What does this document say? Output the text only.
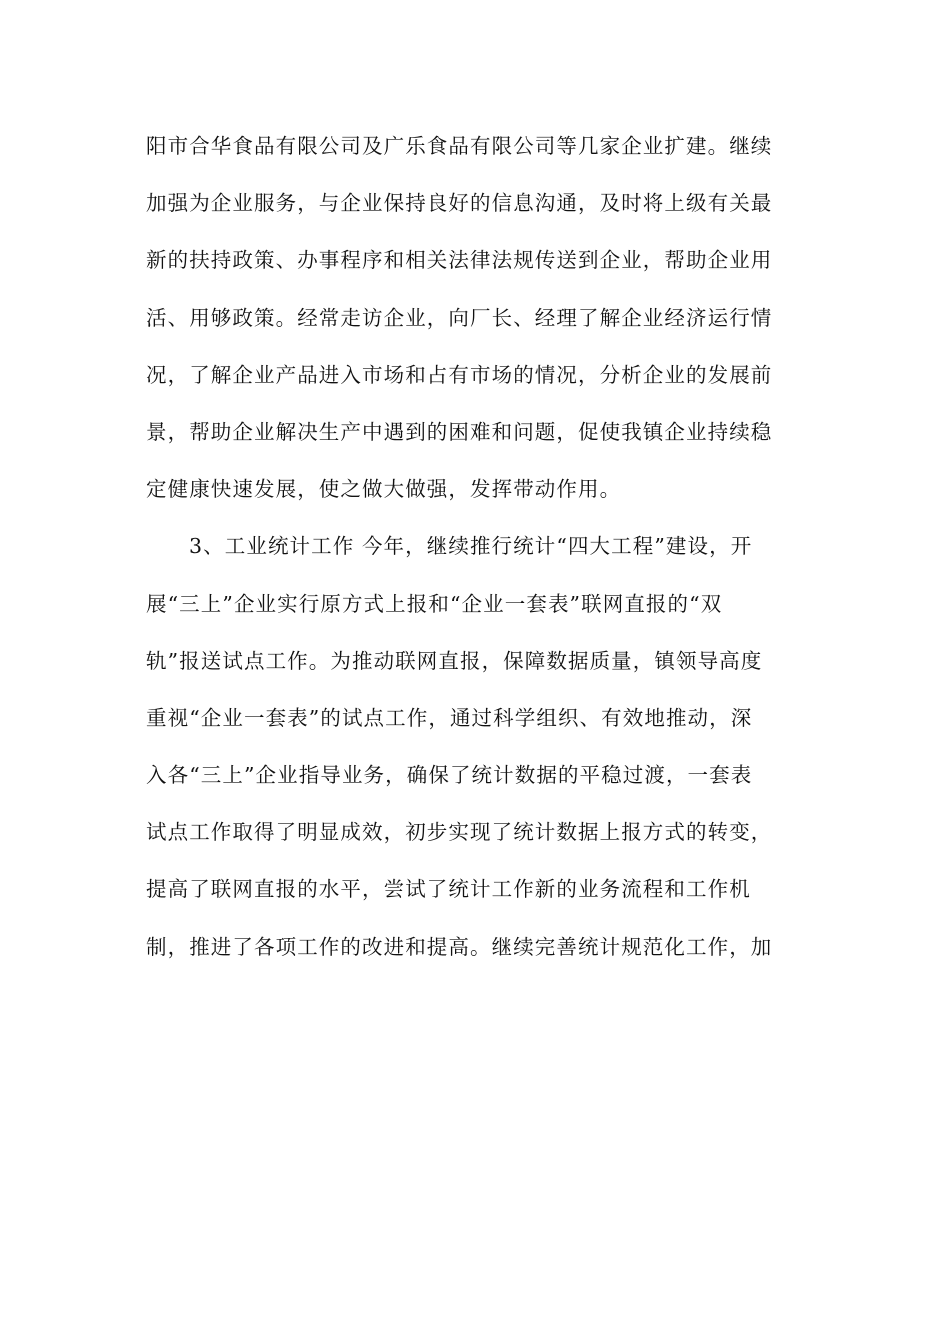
阳市合华食品有限公司及广乐食品有限公司等几家企业扩建。继续
加强为企业服务，与企业保持良好的信息沟通，及时将上级有关最
新的扶持政策、办事程序和相关法律法规传送到企业，帮助企业用
活、用够政策。经常走访企业，向厂长、经理了解企业经济运行情
况，了解企业产品进入市场和占有市场的情况，分析企业的发展前
景，帮助企业解决生产中遇到的困难和问题，促使我镇企业持续稳
定健康快速发展，使之做大做强，发挥带动作用。
3、工业统计工作 今年，继续推行统计“四大工程”建设，开
展“三上”企业实行原方式上报和“企业一套表”联网直报的“双
轨”报送试点工作。为推动联网直报，保障数据质量，镇领导高度
重视“企业一套表”的试点工作，通过科学组织、有效地推动，深
入各“三上”企业指导业务，确保了统计数据的平稳过渡，一套表
试点工作取得了明显成效，初步实现了统计数据上报方式的转变，
提高了联网直报的水平，尝试了统计工作新的业务流程和工作机
制，推进了各项工作的改进和提高。继续完善统计规范化工作，加
